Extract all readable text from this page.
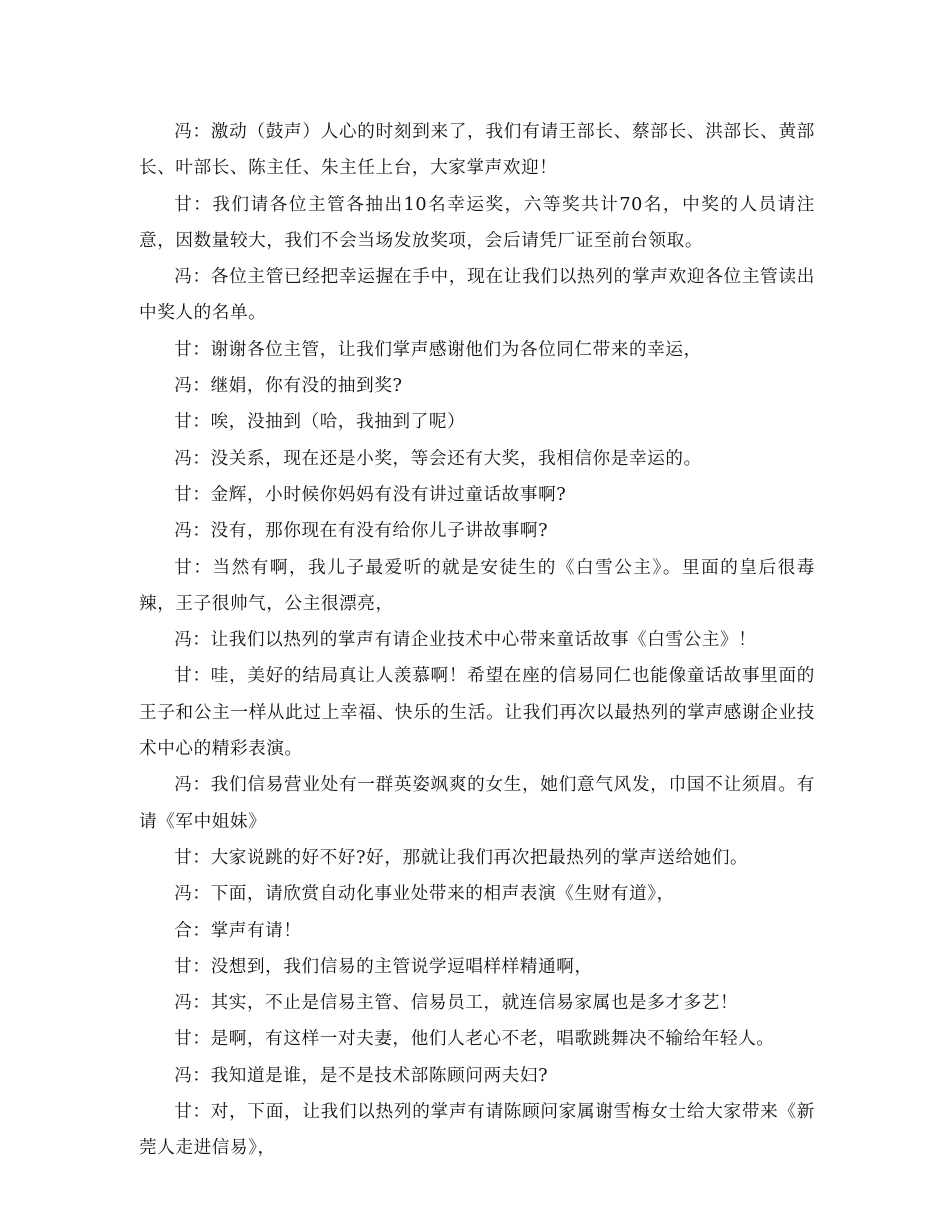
冯：激动（鼓声）人心的时刻到来了，我们有请王部长、蔡部长、洪部长、黄部长、叶部长、陈主任、朱主任上台，大家掌声欢迎！

甘：我们请各位主管各抽出10名幸运奖，六等奖共计70名，中奖的人员请注意，因数量较大，我们不会当场发放奖项，会后请凭厂证至前台领取。

冯：各位主管已经把幸运握在手中，现在让我们以热列的掌声欢迎各位主管读出中奖人的名单。

甘：谢谢各位主管，让我们掌声感谢他们为各位同仁带来的幸运，

冯：继娟，你有没的抽到奖?

甘：唉，没抽到（哈，我抽到了呢）

冯：没关系，现在还是小奖，等会还有大奖，我相信你是幸运的。

甘：金辉，小时候你妈妈有没有讲过童话故事啊?

冯：没有，那你现在有没有给你儿子讲故事啊?

甘：当然有啊，我儿子最爱听的就是安徒生的《白雪公主》。里面的皇后很毒辣，王子很帅气，公主很漂亮，

冯：让我们以热列的掌声有请企业技术中心带来童话故事《白雪公主》！

甘：哇，美好的结局真让人羡慕啊！希望在座的信易同仁也能像童话故事里面的王子和公主一样从此过上幸福、快乐的生活。让我们再次以最热列的掌声感谢企业技术中心的精彩表演。

冯：我们信易营业处有一群英姿飒爽的女生，她们意气风发，巾国不让须眉。有请《军中姐妹》

甘：大家说跳的好不好?好，那就让我们再次把最热列的掌声送给她们。

冯：下面，请欣赏自动化事业处带来的相声表演《生财有道》，

合：掌声有请！

甘：没想到，我们信易的主管说学逗唱样样精通啊，

冯：其实，不止是信易主管、信易员工，就连信易家属也是多才多艺！

甘：是啊，有这样一对夫妻，他们人老心不老，唱歌跳舞决不输给年轻人。

冯：我知道是谁，是不是技术部陈顾问两夫妇?

甘：对，下面，让我们以热列的掌声有请陈顾问家属谢雪梅女士给大家带来《新莞人走进信易》，
